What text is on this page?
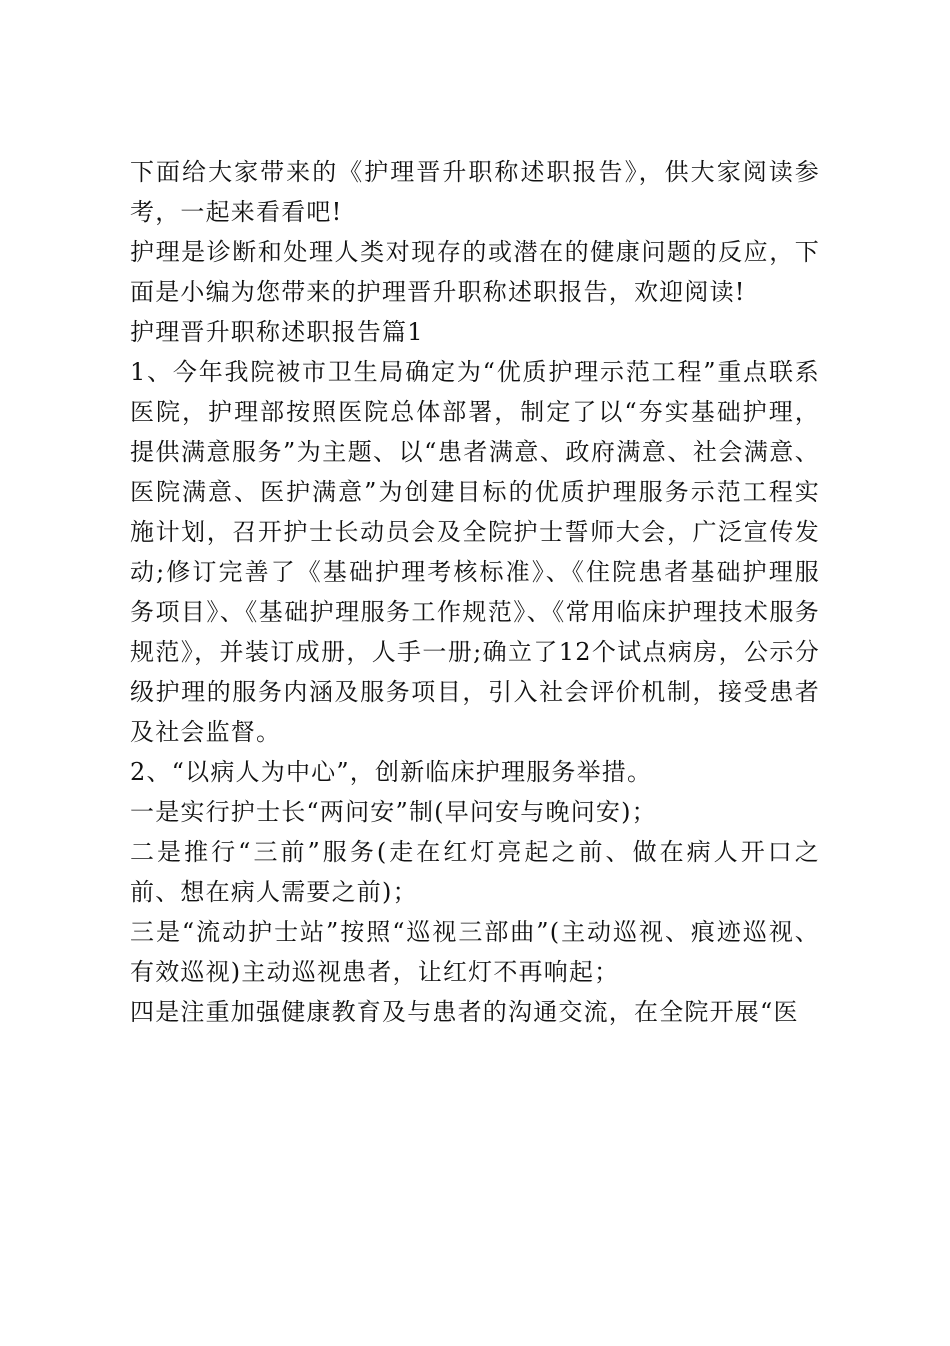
下面给大家带来的《护理晋升职称述职报告》，供大家阅读参考，一起来看看吧!

护理是诊断和处理人类对现存的或潜在的健康问题的反应，下面是小编为您带来的护理晋升职称述职报告，欢迎阅读!

护理晋升职称述职报告篇1

1、今年我院被市卫生局确定为“优质护理示范工程”重点联系医院，护理部按照医院总体部署，制定了以“夯实基础护理，提供满意服务”为主题、以“患者满意、政府满意、社会满意、医院满意、医护满意”为创建目标的优质护理服务示范工程实施计划，召开护士长动员会及全院护士誓师大会，广泛宣传发动;修订完善了《基础护理考核标准》、《住院患者基础护理服务项目》、《基础护理服务工作规范》、《常用临床护理技术服务规范》，并装订成册，人手一册;确立了12个试点病房，公示分级护理的服务内涵及服务项目，引入社会评价机制，接受患者及社会监督。

2、“以病人为中心”，创新临床护理服务举措。

一是实行护士长“两问安”制(早问安与晚问安)；

二是推行“三前”服务(走在红灯亮起之前、做在病人开口之前、想在病人需要之前)；

三是“流动护士站”按照“巡视三部曲”(主动巡视、痕迹巡视、有效巡视)主动巡视患者，让红灯不再响起；

四是注重加强健康教育及与患者的沟通交流，在全院开展“医
